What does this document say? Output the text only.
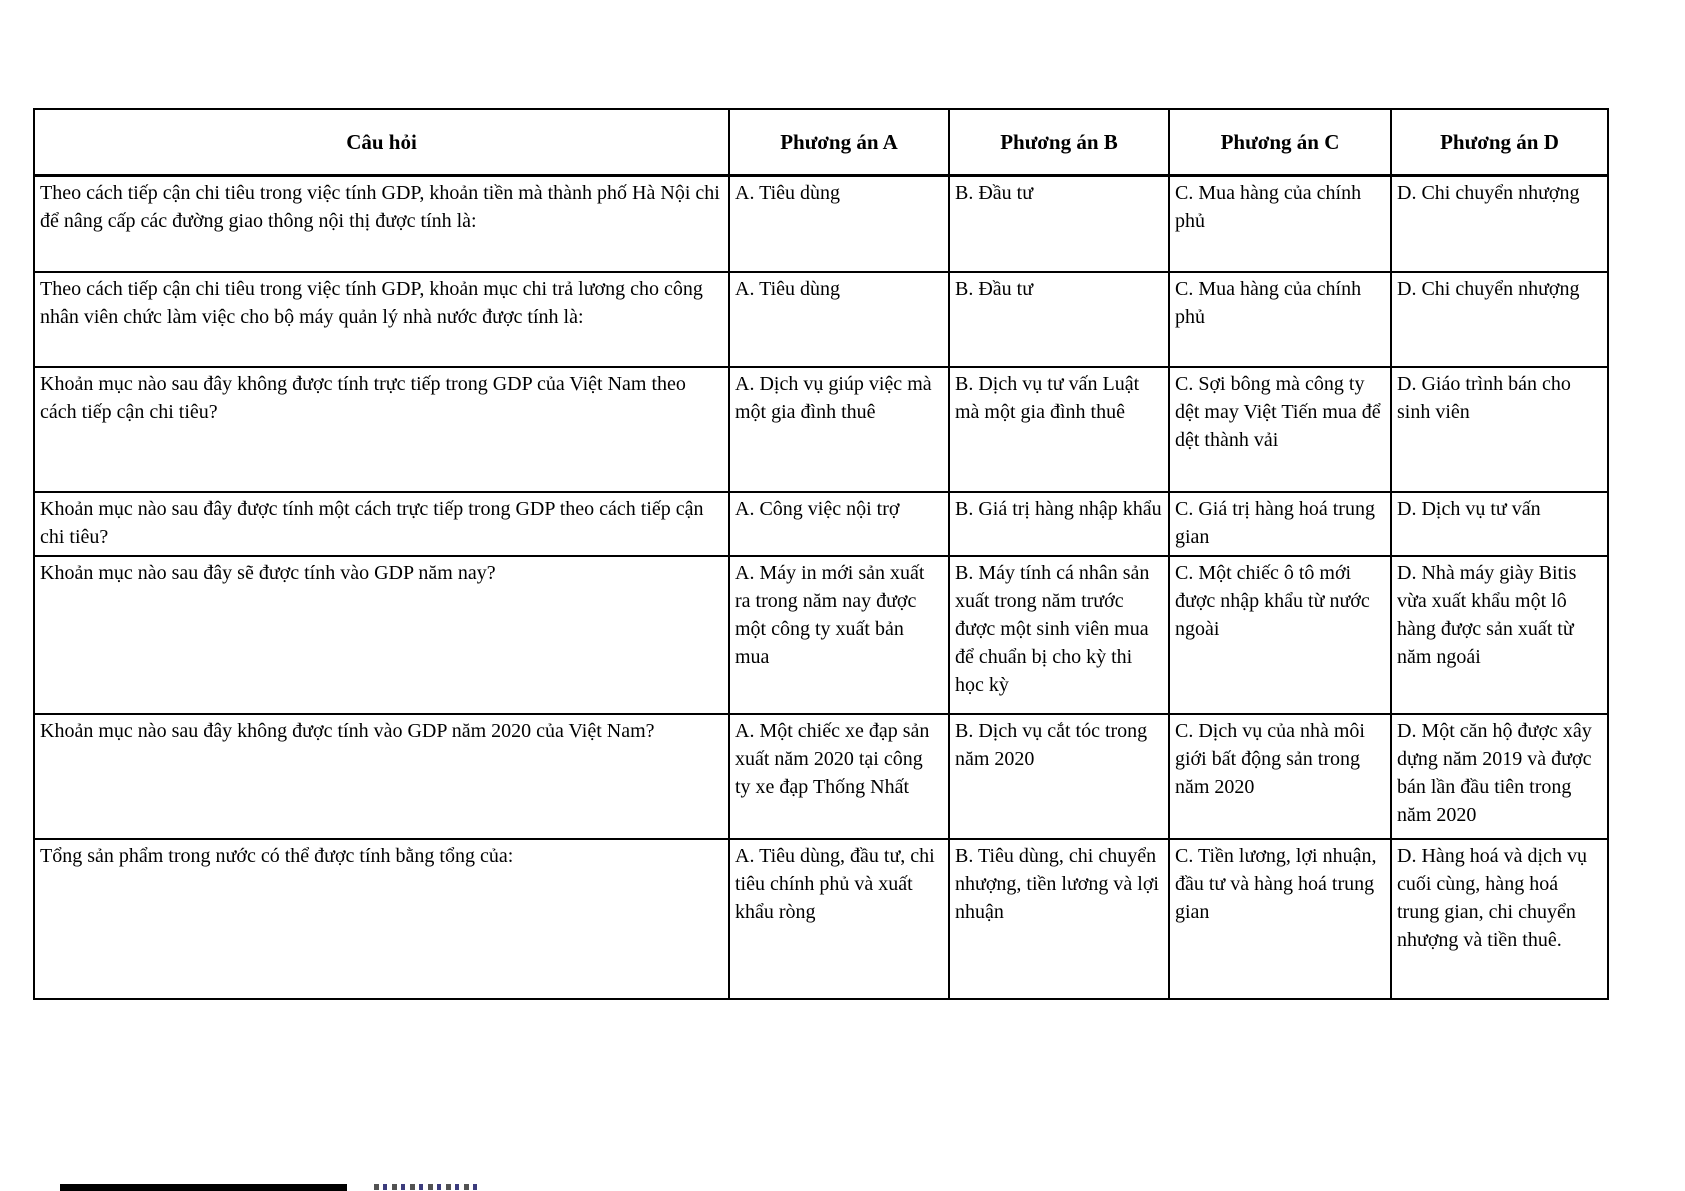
Câu hỏi	Phương án A	Phương án B	Phương án C	Phương án D
Theo cách tiếp cận chi tiêu trong việc tính GDP, khoản tiền mà thành phố Hà Nội chi để nâng cấp các đường giao thông nội thị được tính là:	A. Tiêu dùng	B. Đầu tư	C. Mua hàng của chính phủ	D. Chi chuyển nhượng
Theo cách tiếp cận chi tiêu trong việc tính GDP, khoản mục chi trả lương cho công nhân viên chức làm việc cho bộ máy quản lý nhà nước được tính là:	A. Tiêu dùng	B. Đầu tư	C. Mua hàng của chính phủ	D. Chi chuyển nhượng
Khoản mục nào sau đây không được tính trực tiếp trong GDP của Việt Nam theo cách tiếp cận chi tiêu?	A. Dịch vụ giúp việc mà một gia đình thuê	B. Dịch vụ tư vấn Luật mà một gia đình thuê	C. Sợi bông mà công ty dệt may Việt Tiến mua để dệt thành vải	D. Giáo trình bán cho sinh viên
Khoản mục nào sau đây được tính một cách trực tiếp trong GDP theo cách tiếp cận chi tiêu?	A. Công việc nội trợ	B. Giá trị hàng nhập khẩu	C. Giá trị hàng hoá trung gian	D. Dịch vụ tư vấn
Khoản mục nào sau đây sẽ được tính vào GDP năm nay?	A. Máy in mới sản xuất ra trong năm nay được một công ty xuất bản mua	B. Máy tính cá nhân sản xuất trong năm trước được một sinh viên mua để chuẩn bị cho kỳ thi học kỳ	C. Một chiếc ô tô mới được nhập khẩu từ nước ngoài	D. Nhà máy giày Bitis vừa xuất khẩu một lô hàng được sản xuất từ năm ngoái
Khoản mục nào sau đây không được tính vào GDP năm 2020 của Việt Nam?	A. Một chiếc xe đạp sản xuất năm 2020 tại công ty xe đạp Thống Nhất	B. Dịch vụ cắt tóc trong năm 2020	C. Dịch vụ của nhà môi giới bất động sản trong năm 2020	D. Một căn hộ được xây dựng năm 2019 và được bán lần đầu tiên trong năm 2020
Tổng sản phẩm trong nước có thể được tính bằng tổng của:	A. Tiêu dùng, đầu tư, chi tiêu chính phủ và xuất khẩu ròng	B. Tiêu dùng, chi chuyển nhượng, tiền lương và lợi nhuận	C. Tiền lương, lợi nhuận, đầu tư và hàng hoá trung gian	D. Hàng hoá và dịch vụ cuối cùng, hàng hoá trung gian, chi chuyển nhượng và tiền thuê.
